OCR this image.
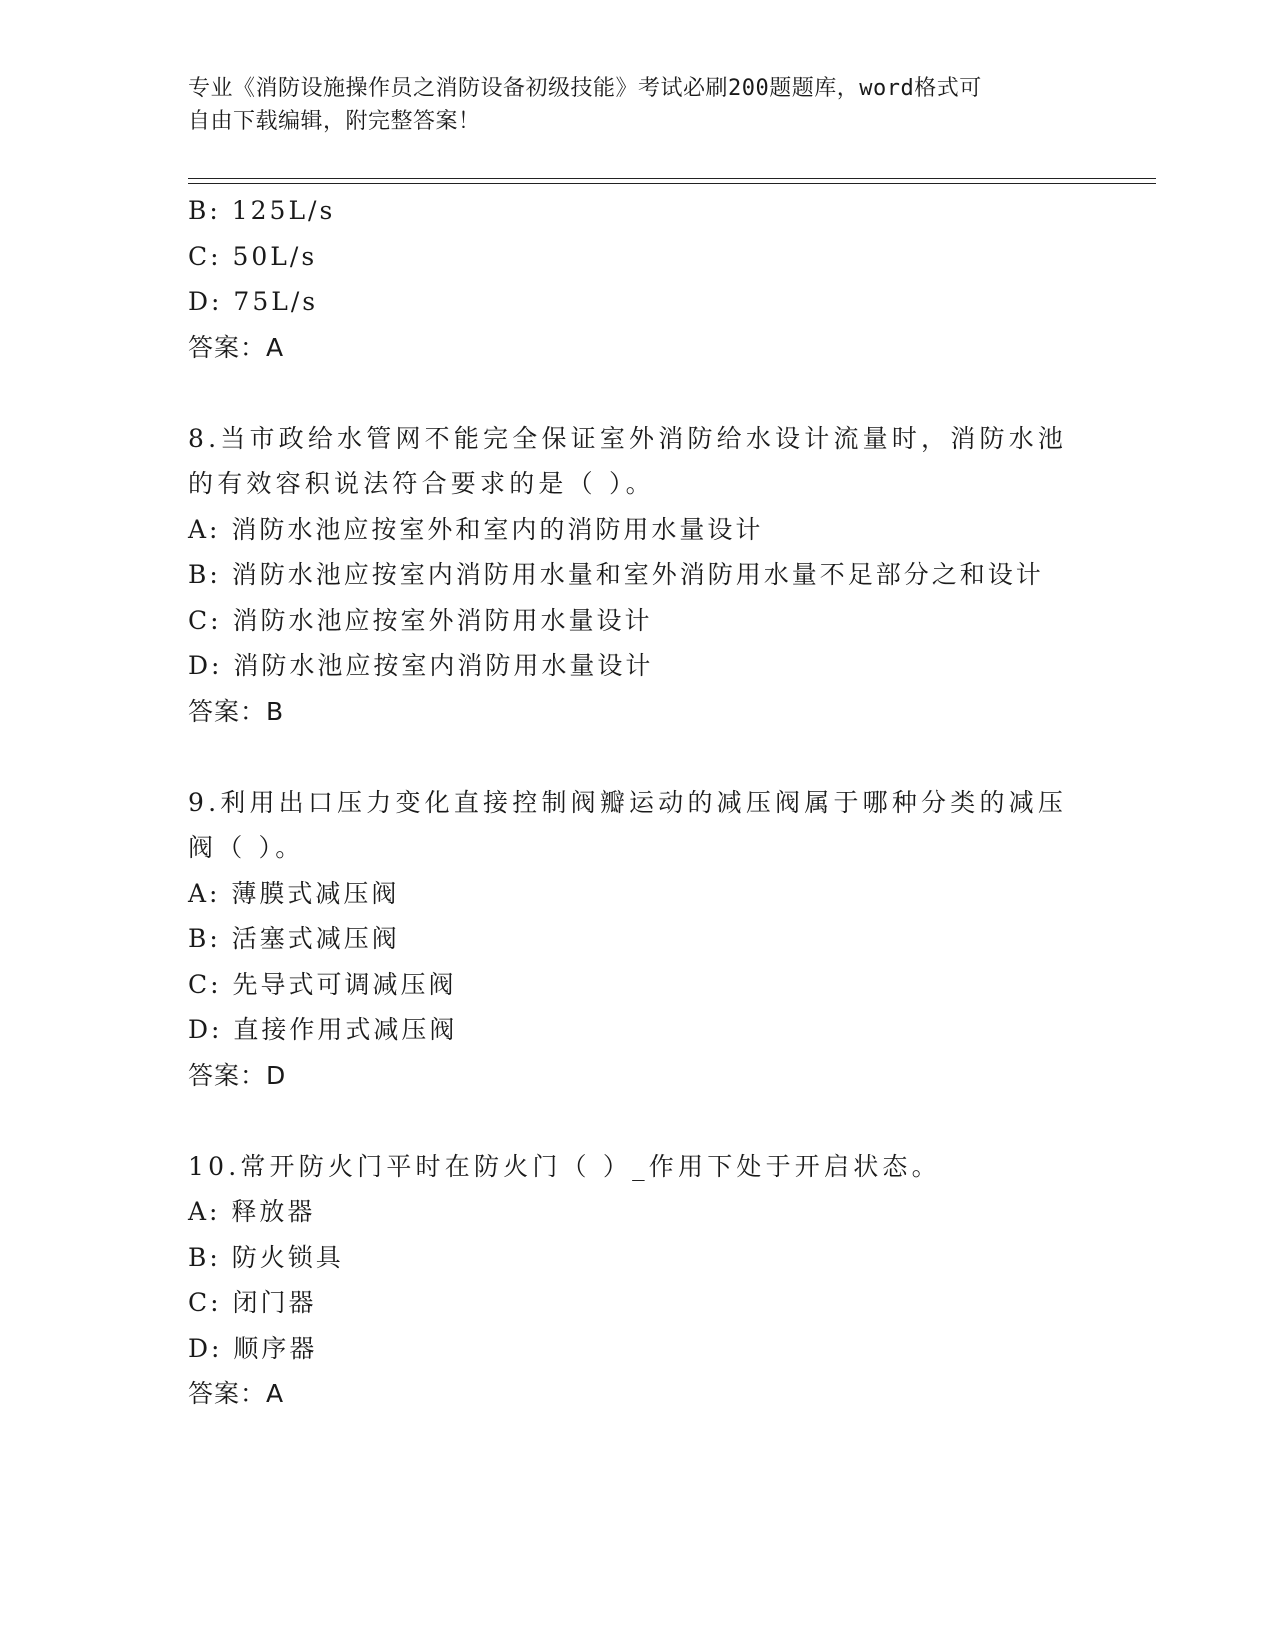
专业《消防设施操作员之消防设备初级技能》考试必刷200题题库，word格式可
自由下载编辑，附完整答案！
B: 125L/s
C: 50L/s
D: 75L/s
答案：A
8.当市政给水管网不能完全保证室外消防给水设计流量时，消防水池
的有效容积说法符合要求的是（ ）。
A: 消防水池应按室外和室内的消防用水量设计
B: 消防水池应按室内消防用水量和室外消防用水量不足部分之和设计
C: 消防水池应按室外消防用水量设计
D: 消防水池应按室内消防用水量设计
答案：B
9.利用出口压力变化直接控制阀瓣运动的减压阀属于哪种分类的减压
阀（ ）。
A: 薄膜式减压阀
B: 活塞式减压阀
C: 先导式可调减压阀
D: 直接作用式减压阀
答案：D
10.常开防火门平时在防火门（ ）_作用下处于开启状态。
A: 释放器
B: 防火锁具
C: 闭门器
D: 顺序器
答案：A
